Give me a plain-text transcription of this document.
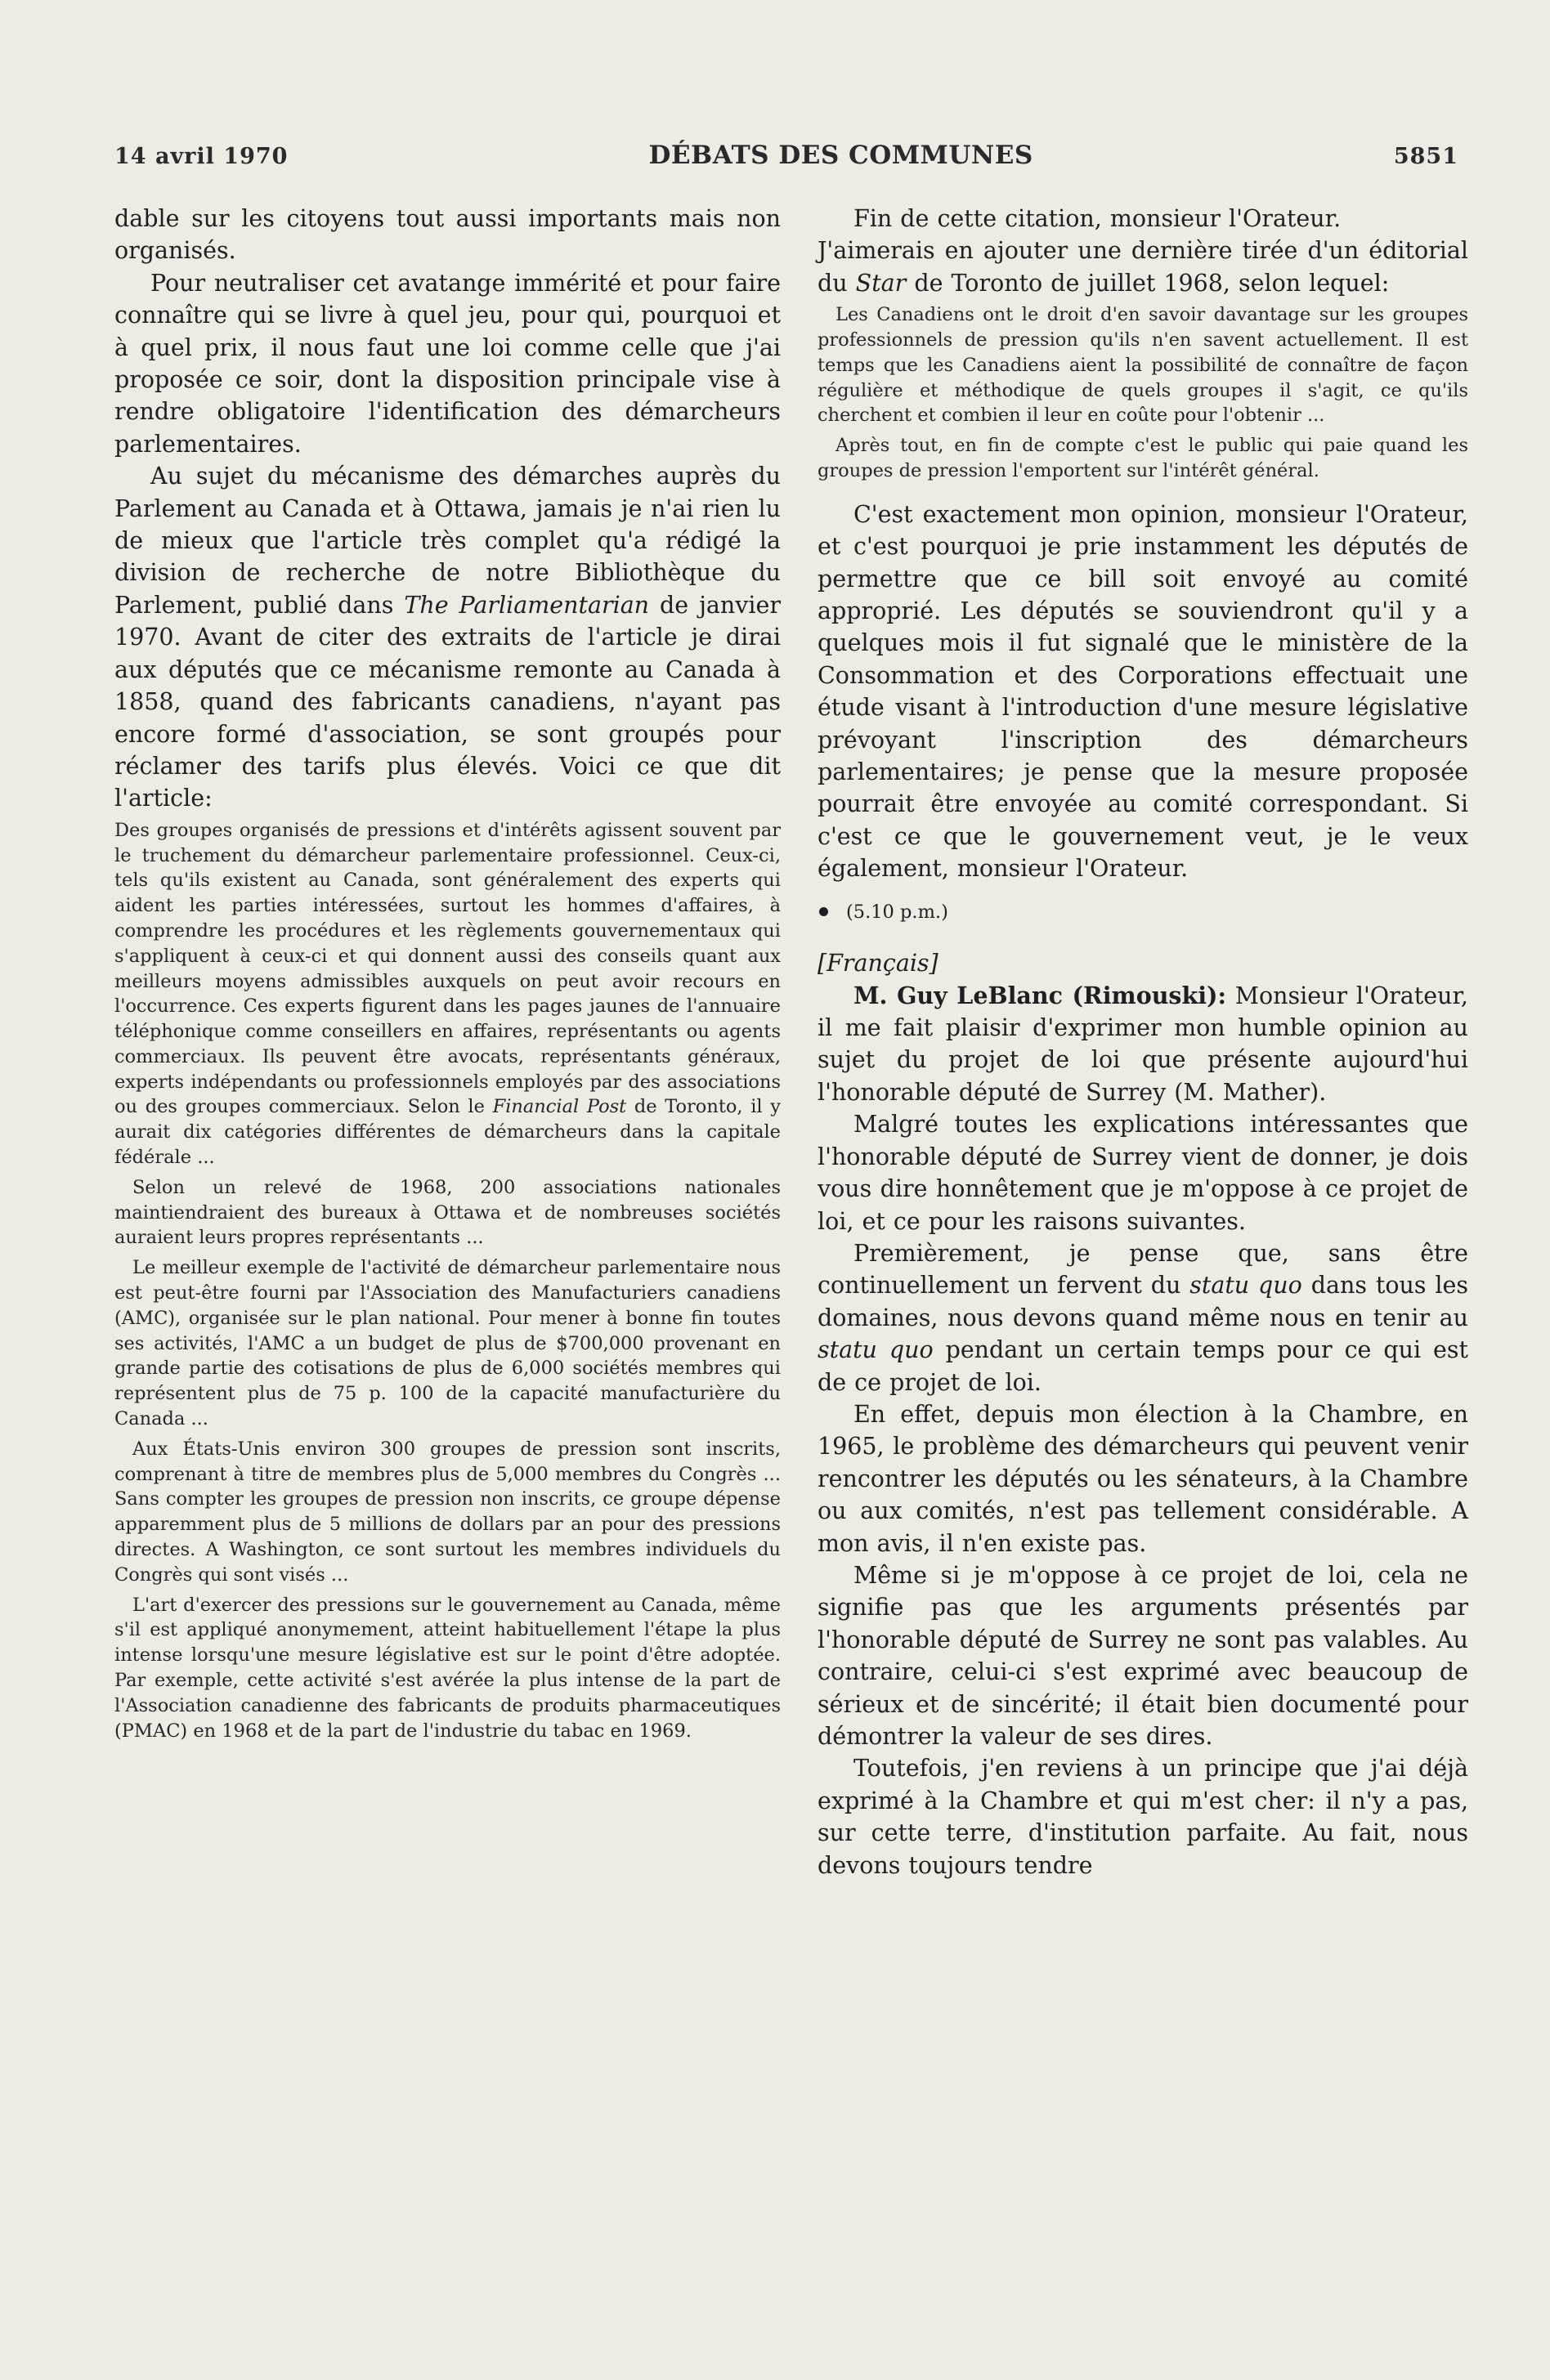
14 avril 1970	DÉBATS DES COMMUNES	5851

dable sur les citoyens tout aussi importants mais non organisés.

Pour neutraliser cet avatange immérité et pour faire connaître qui se livre à quel jeu, pour qui, pourquoi et à quel prix, il nous faut une loi comme celle que j'ai proposée ce soir, dont la disposition principale vise à rendre obligatoire l'identification des démarcheurs parlementaires.

Au sujet du mécanisme des démarches auprès du Parlement au Canada et à Ottawa, jamais je n'ai rien lu de mieux que l'article très complet qu'a rédigé la division de recherche de notre Bibliothèque du Parlement, publié dans The Parliamentarian de janvier 1970. Avant de citer des extraits de l'article je dirai aux députés que ce mécanisme remonte au Canada à 1858, quand des fabricants canadiens, n'ayant pas encore formé d'association, se sont groupés pour réclamer des tarifs plus élevés. Voici ce que dit l'article:

Des groupes organisés de pressions et d'intérêts agissent souvent par le truchement du démarcheur parlementaire professionnel. Ceux-ci, tels qu'ils existent au Canada, sont généralement des experts qui aident les parties intéressées, surtout les hommes d'affaires, à comprendre les procédures et les règlements gouvernementaux qui s'appliquent à ceux-ci et qui donnent aussi des conseils quant aux meilleurs moyens admissibles auxquels on peut avoir recours en l'occurrence. Ces experts figurent dans les pages jaunes de l'annuaire téléphonique comme conseillers en affaires, représentants ou agents commerciaux. Ils peuvent être avocats, représentants généraux, experts indépendants ou professionnels employés par des associations ou des groupes commerciaux. Selon le Financial Post de Toronto, il y aurait dix catégories différentes de démarcheurs dans la capitale fédérale ...

Selon un relevé de 1968, 200 associations nationales maintiendraient des bureaux à Ottawa et de nombreuses sociétés auraient leurs propres représentants ...

Le meilleur exemple de l'activité de démarcheur parlementaire nous est peut-être fourni par l'Association des Manufacturiers canadiens (AMC), organisée sur le plan national. Pour mener à bonne fin toutes ses activités, l'AMC a un budget de plus de $700,000 provenant en grande partie des cotisations de plus de 6,000 sociétés membres qui représentent plus de 75 p. 100 de la capacité manufacturière du Canada ...

Aux États-Unis environ 300 groupes de pression sont inscrits, comprenant à titre de membres plus de 5,000 membres du Congrès ... Sans compter les groupes de pression non inscrits, ce groupe dépense apparemment plus de 5 millions de dollars par an pour des pressions directes. A Washington, ce sont surtout les membres individuels du Congrès qui sont visés ...

L'art d'exercer des pressions sur le gouvernement au Canada, même s'il est appliqué anonymement, atteint habituellement l'étape la plus intense lorsqu'une mesure législative est sur le point d'être adoptée. Par exemple, cette activité s'est avérée la plus intense de la part de l'Association canadienne des fabricants de produits pharmaceutiques (PMAC) en 1968 et de la part de l'industrie du tabac en 1969.

Fin de cette citation, monsieur l'Orateur.

J'aimerais en ajouter une dernière tirée d'un éditorial du Star de Toronto de juillet 1968, selon lequel:

Les Canadiens ont le droit d'en savoir davantage sur les groupes professionnels de pression qu'ils n'en savent actuellement. Il est temps que les Canadiens aient la possibilité de connaître de façon régulière et méthodique de quels groupes il s'agit, ce qu'ils cherchent et combien il leur en coûte pour l'obtenir ...

Après tout, en fin de compte c'est le public qui paie quand les groupes de pression l'emportent sur l'intérêt général.

C'est exactement mon opinion, monsieur l'Orateur, et c'est pourquoi je prie instamment les députés de permettre que ce bill soit envoyé au comité approprié. Les députés se souviendront qu'il y a quelques mois il fut signalé que le ministère de la Consommation et des Corporations effectuait une étude visant à l'introduction d'une mesure législative prévoyant l'inscription des démarcheurs parlementaires; je pense que la mesure proposée pourrait être envoyée au comité correspondant. Si c'est ce que le gouvernement veut, je le veux également, monsieur l'Orateur.

(5.10 p.m.)

[Français]

M. Guy LeBlanc (Rimouski): Monsieur l'Orateur, il me fait plaisir d'exprimer mon humble opinion au sujet du projet de loi que présente aujourd'hui l'honorable député de Surrey (M. Mather).

Malgré toutes les explications intéressantes que l'honorable député de Surrey vient de donner, je dois vous dire honnêtement que je m'oppose à ce projet de loi, et ce pour les raisons suivantes.

Premièrement, je pense que, sans être continuellement un fervent du statu quo dans tous les domaines, nous devons quand même nous en tenir au statu quo pendant un certain temps pour ce qui est de ce projet de loi.

En effet, depuis mon élection à la Chambre, en 1965, le problème des démarcheurs qui peuvent venir rencontrer les députés ou les sénateurs, à la Chambre ou aux comités, n'est pas tellement considérable. A mon avis, il n'en existe pas.

Même si je m'oppose à ce projet de loi, cela ne signifie pas que les arguments présentés par l'honorable député de Surrey ne sont pas valables. Au contraire, celui-ci s'est exprimé avec beaucoup de sérieux et de sincérité; il était bien documenté pour démontrer la valeur de ses dires.

Toutefois, j'en reviens à un principe que j'ai déjà exprimé à la Chambre et qui m'est cher: il n'y a pas, sur cette terre, d'institution parfaite. Au fait, nous devons toujours tendre
